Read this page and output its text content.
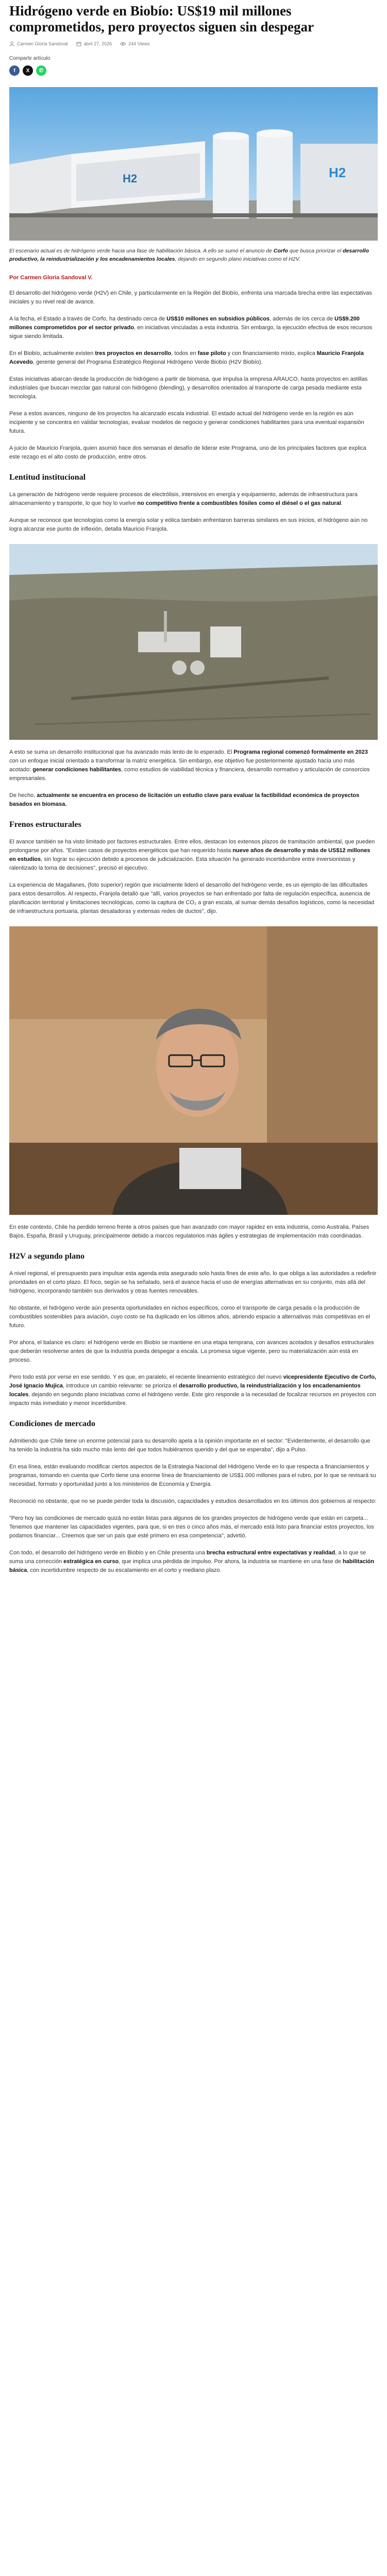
Hidrógeno verde en Biobío: US$19 mil millones comprometidos, pero proyectos siguen sin despegar
Carmen Gloria Sandoval	abril 27, 2026	244 Views
Compartir artículo
f X ✆
H2	H2
El escenario actual es de hidrógeno verde hacia una fase de habilitación básica. A ello se sumó el anuncio de Corfo que busca priorizar el desarrollo productivo, la reindustrialización y los encadenamientos locales, dejando en segundo plano iniciativas como el H2V.
Por Carmen Gloria Sandoval V.

El desarrollo del hidrógeno verde (H2V) en Chile, y particularmente en la Región del Biobío, enfrenta una marcada brecha entre las expectativas iniciales y su nivel real de avance.

A la fecha, el Estado a través de Corfo, ha destinado cerca de US$10 millones en subsidios públicos, además de los cerca de US$9.200 millones comprometidos por el sector privado, en iniciativas vinculadas a esta industria. Sin embargo, la ejecución efectiva de esos recursos sigue siendo limitada.

En el Biobío, actualmente existen tres proyectos en desarrollo, todos en fase piloto y con financiamiento mixto, explica Mauricio Franjola Acevedo, gerente general del Programa Estratégico Regional Hidrógeno Verde Biobío (H2V Biobío).

Estas iniciativas abarcan desde la producción de hidrógeno a partir de biomasa, que impulsa la empresa ARAUCO, hasta proyectos en astillas industriales que buscan mezclar gas natural con hidrógeno (blending), y desarrollos orientados al transporte de carga pesada mediante esta tecnología.

Pese a estos avances, ninguno de los proyectos ha alcanzado escala industrial. El estado actual del hidrógeno verde en la región es aún incipiente y se concentra en validar tecnologías, evaluar modelos de negocio y generar condiciones habilitantes para una eventual expansión futura.

A juicio de Mauricio Franjola, quien asumió hace dos semanas el desafío de liderar este Programa, uno de los principales factores que explica este rezago es el alto costo de producción, entre otros.

Lentitud institucional

La generación de hidrógeno verde requiere procesos de electrólisis, intensivos en energía y equipamiento, además de infraestructura para almacenamiento y transporte, lo que hoy lo vuelve no competitivo frente a combustibles fósiles como el diésel o el gas natural.

Aunque se reconoce que tecnologías como la energía solar y eólica también enfrentaron barreras similares en sus inicios, el hidrógeno aún no logra alcanzar ese punto de inflexión, detalla Mauricio Franjola.

A esto se suma un desarrollo institucional que ha avanzado más lento de lo esperado. El Programa regional comenzó formalmente en 2023 con un enfoque inicial orientado a transformar la matriz energética. Sin embargo, ese objetivo fue posteriormente ajustado hacia uno más acotado: generar condiciones habilitantes, como estudios de viabilidad técnica y financiera, desarrollo normativo y articulación de consorcios empresariales.

De hecho, actualmente se encuentra en proceso de licitación un estudio clave para evaluar la factibilidad económica de proyectos basados en biomasa.

Frenos estructurales

El avance también se ha visto limitado por factores estructurales. Entre ellos, destacan los extensos plazos de tramitación ambiental, que pueden prolongarse por años. "Existen casos de proyectos energéticos que han requerido hasta nueve años de desarrollo y más de US$12 millones en estudios, sin lograr su ejecución debido a procesos de judicialización. Esta situación ha generado incertidumbre entre inversionistas y ralentizado la toma de decisiones", precisó el ejecutivo.

La experiencia de Magallanes, (foto superior) región que inicialmente lideró el desarrollo del hidrógeno verde, es un ejemplo de las dificultades para estos desarrollos. Al respecto, Franjola detalló que "allí, varios proyectos se han enfrentado por falta de regulación específica, ausencia de planificación territorial y limitaciones tecnológicas, como la captura de CO₂ a gran escala, al sumar demás desafíos logísticos, como la necesidad de infraestructura portuaria, plantas desaladoras y extensas redes de ductos", dijo.

En este contexto, Chile ha perdido terreno frente a otros países que han avanzado con mayor rapidez en esta industria, como Australia, Países Bajos, España, Brasil y Uruguay, principalmente debido a marcos regulatorios más ágiles y estrategias de implementación más coordinadas.

H2V a segundo plano

A nivel regional, el presupuesto para impulsar esta agenda esta asegurado solo hasta fines de este año, lo que obliga a las autoridades a redefinir prioridades en el corto plazo. El foco, según se ha señalado, será el avance hacia el uso de energías alternativas en su conjunto, más allá del hidrógeno, incorporando también sus derivados y otras fuentes renovables.

No obstante, el hidrógeno verde aún presenta oportunidades en nichos específicos, como el transporte de carga pesada o la producción de combustibles sostenibles para aviación, cuyo costo se ha duplicado en los últimos años, abriendo espacio a alternativas más competitivas en el futuro.

Por ahora, el balance es claro: el hidrógeno verde en Biobío se mantiene en una etapa temprana, con avances acotados y desafíos estructurales que deberán resolverse antes de que la industria pueda despegar a escala. La promesa sigue vigente, pero su materialización aún está en proceso.

Pero todo está por verse en ese sentido. Y es que, en paralelo, el reciente lineamiento estratégico del nuevo vicepresidente Ejecutivo de Corfo, José Ignacio Mujica, introduce un cambio relevante: se prioriza el desarrollo productivo, la reindustrialización y los encadenamientos locales, dejando en segundo plano iniciativas como el hidrógeno verde. Este giro responde a la necesidad de focalizar recursos en proyectos con impacto más inmediato y menor incertidumbre.

Condiciones de mercado

Admitiendo que Chile tiene un enorme potencial para su desarrollo apela a la opinión importante en el sector: "Evidentemente, el desarrollo que ha tenido la industria ha sido mucho más lento del que todos hubiéramos querido y del que se esperaba", dijo a Pulso.

En esa línea, están evaluando modificar ciertos aspectos de la Estrategia Nacional del Hidrógeno Verde en lo que respecta a financiamientos y programas, tomando en cuenta que Corfo tiene una enorme línea de financiamiento de US$1.000 millones para el rubro, por lo que se revisará su necesidad, formato y oportunidad junto a los ministerios de Economía y Energía.

Reconoció no obstante, que no se puede perder toda la discusión, capacidades y estudios desarrollados en los últimos dos gobiernos al respecto:

"Pero hoy las condiciones de mercado quizá no están listas para algunos de los grandes proyectos de hidrógeno verde que están en carpeta... Tenemos que mantener las capacidades vigentes, para que, si en tres o cinco años más, el mercado está listo para financiar estos proyectos, los podamos financiar... Creemos que ser un país que esté primero en esa competencia", advirtió.

Con todo, el desarrollo del hidrógeno verde en Biobío y en Chile presenta una brecha estructural entre expectativas y realidad, a lo que se suma una corrección estratégica en curso, que implica una pérdida de impulso. Por ahora, la industria se mantiene en una fase de habilitación básica, con incertidumbre respecto de su escalamiento en el corto y mediano plazo.
